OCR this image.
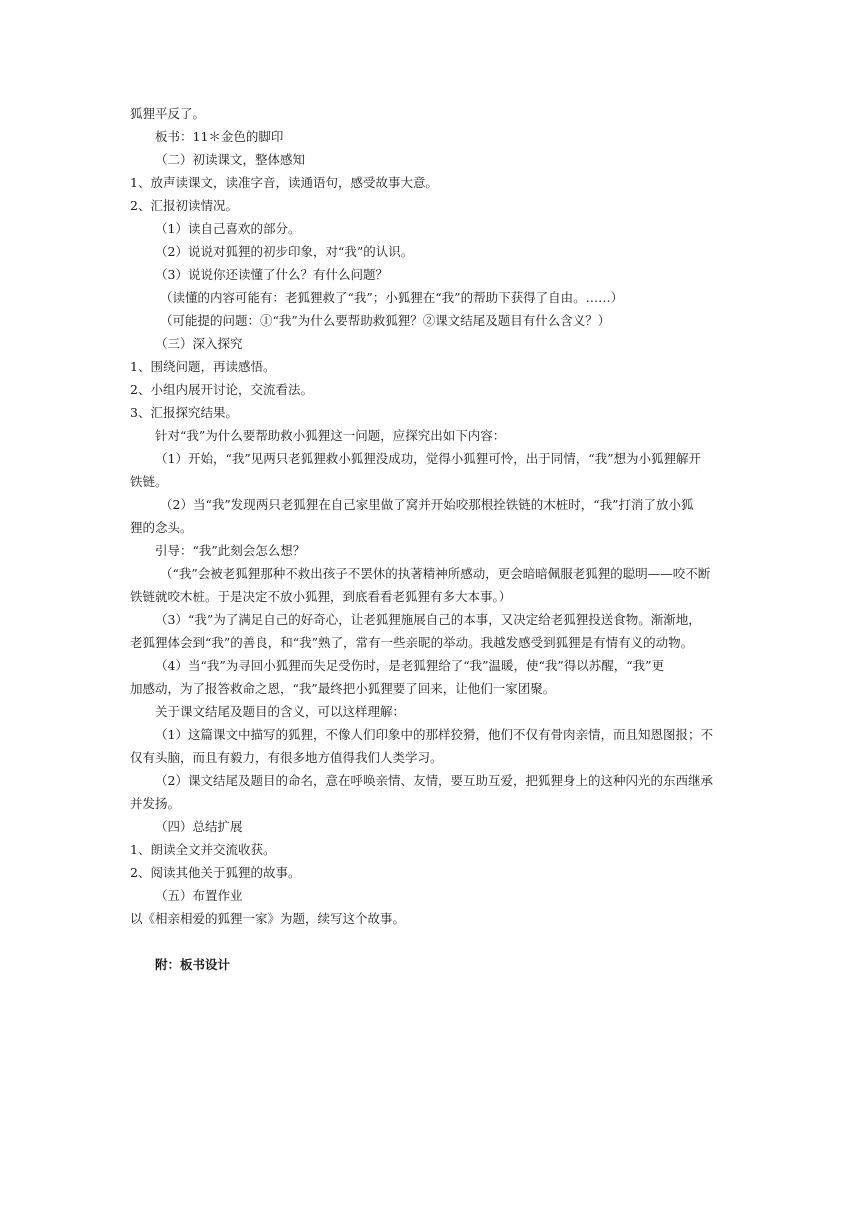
狐狸平反了。
板书：11＊金色的脚印
（二）初读课文，整体感知
1、放声读课文，读准字音，读通语句，感受故事大意。
2、汇报初读情况。
（1）读自己喜欢的部分。
（2）说说对狐狸的初步印象，对“我”的认识。
（3）说说你还读懂了什么？有什么问题？
（读懂的内容可能有：老狐狸救了“我”；小狐狸在“我”的帮助下获得了自由。……）
（可能提的问题：①“我”为什么要帮助救狐狸？②课文结尾及题目有什么含义？）
（三）深入探究
1、围绕问题，再读感悟。
2、小组内展开讨论，交流看法。
3、汇报探究结果。
针对“我”为什么要帮助救小狐狸这一问题，应探究出如下内容：
（1）开始，“我”见两只老狐狸救小狐狸没成功，觉得小狐狸可怜，出于同情，“我”想为小狐狸解开
铁链。
（2）当“我”发现两只老狐狸在自己家里做了窝并开始咬那根拴铁链的木桩时，“我”打消了放小狐
狸的念头。
引导：“我”此刻会怎么想？
（“我”会被老狐狸那种不救出孩子不罢休的执著精神所感动，更会暗暗佩服老狐狸的聪明——咬不断
铁链就咬木桩。于是决定不放小狐狸，到底看看老狐狸有多大本事。）
（3）“我”为了满足自己的好奇心，让老狐狸施展自己的本事，又决定给老狐狸投送食物。渐渐地，
老狐狸体会到“我”的善良，和“我”熟了，常有一些亲昵的举动。我越发感受到狐狸是有情有义的动物。
（4）当“我”为寻回小狐狸而失足受伤时，是老狐狸给了“我”温暖，使“我”得以苏醒，“我”更
加感动，为了报答救命之恩，“我”最终把小狐狸要了回来，让他们一家团聚。
关于课文结尾及题目的含义，可以这样理解：
（1）这篇课文中描写的狐狸，不像人们印象中的那样狡猾，他们不仅有骨肉亲情，而且知恩图报；不
仅有头脑，而且有毅力，有很多地方值得我们人类学习。
（2）课文结尾及题目的命名，意在呼唤亲情、友情，要互助互爱，把狐狸身上的这种闪光的东西继承
并发扬。
（四）总结扩展
1、朗读全文并交流收获。
2、阅读其他关于狐狸的故事。
（五）布置作业
以《相亲相爱的狐狸一家》为题，续写这个故事。
附：板书设计
